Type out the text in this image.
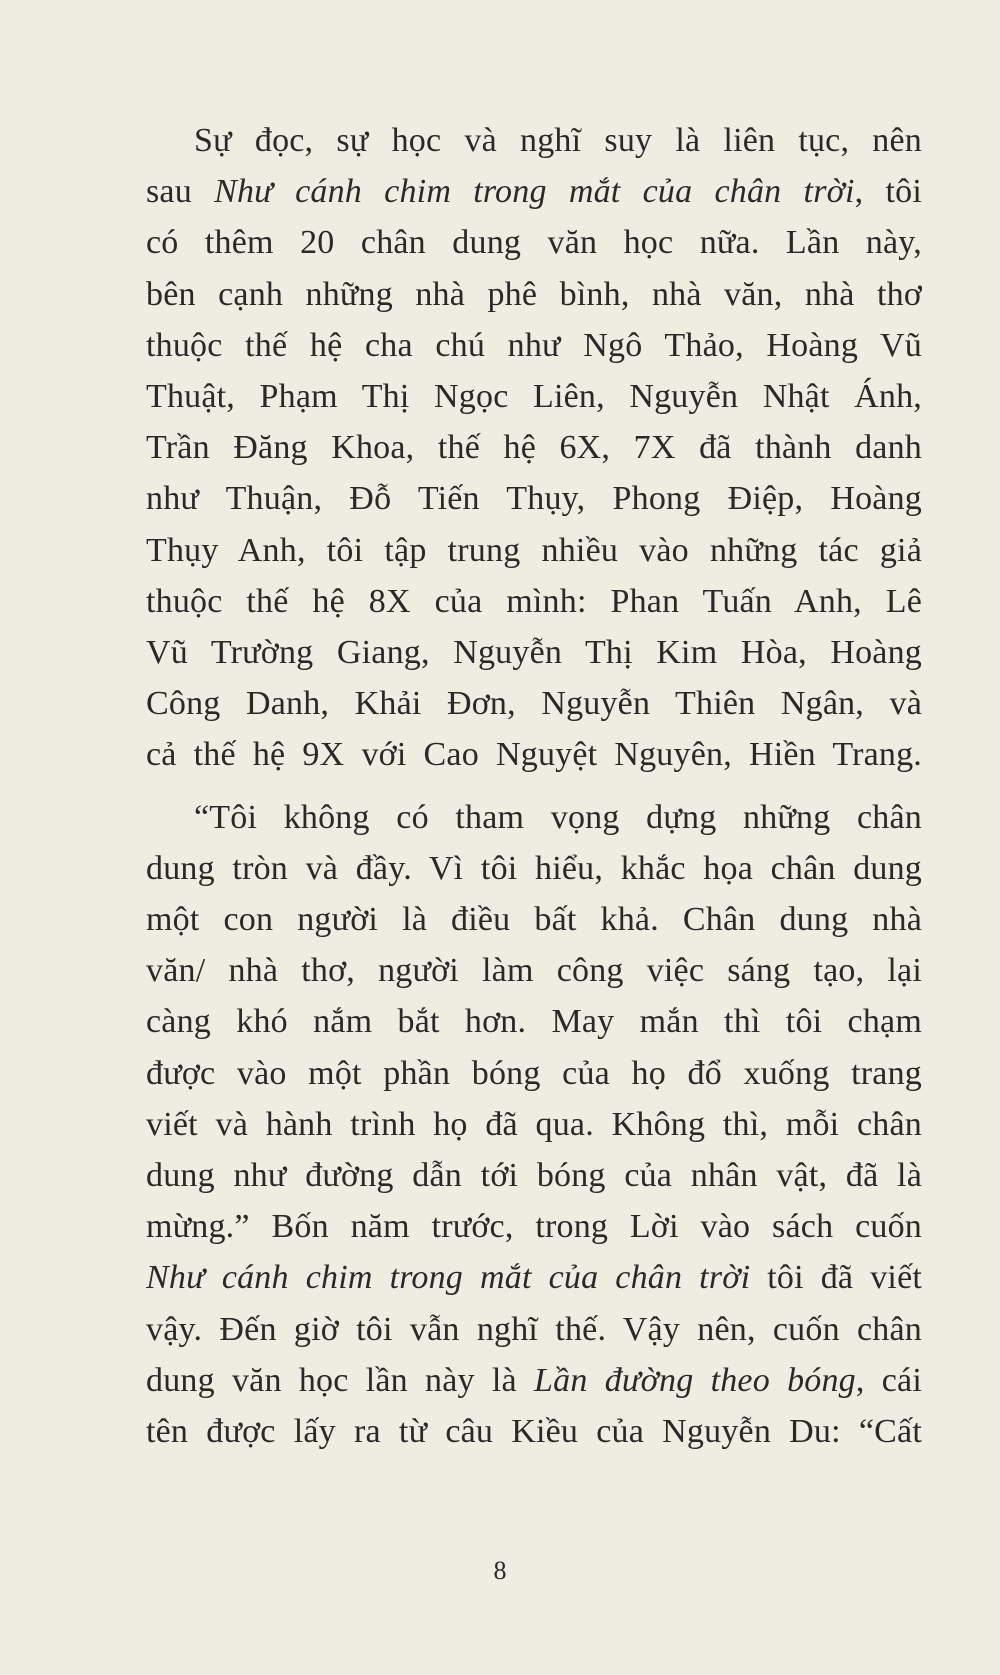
Sự đọc, sự học và nghĩ suy là liên tục, nên
sau Như cánh chim trong mắt của chân trời, tôi
có thêm 20 chân dung văn học nữa. Lần này,
bên cạnh những nhà phê bình, nhà văn, nhà thơ
thuộc thế hệ cha chú như Ngô Thảo, Hoàng Vũ
Thuật, Phạm Thị Ngọc Liên, Nguyễn Nhật Ánh,
Trần Đăng Khoa, thế hệ 6X, 7X đã thành danh
như Thuận, Đỗ Tiến Thụy, Phong Điệp, Hoàng
Thụy Anh, tôi tập trung nhiều vào những tác giả
thuộc thế hệ 8X của mình: Phan Tuấn Anh, Lê
Vũ Trường Giang, Nguyễn Thị Kim Hòa, Hoàng
Công Danh, Khải Đơn, Nguyễn Thiên Ngân, và
cả thế hệ 9X với Cao Nguyệt Nguyên, Hiền Trang.
“Tôi không có tham vọng dựng những chân
dung tròn và đầy. Vì tôi hiểu, khắc họa chân dung
một con người là điều bất khả. Chân dung nhà
văn/ nhà thơ, người làm công việc sáng tạo, lại
càng khó nắm bắt hơn. May mắn thì tôi chạm
được vào một phần bóng của họ đổ xuống trang
viết và hành trình họ đã qua. Không thì, mỗi chân
dung như đường dẫn tới bóng của nhân vật, đã là
mừng.” Bốn năm trước, trong Lời vào sách cuốn
Như cánh chim trong mắt của chân trời tôi đã viết
vậy. Đến giờ tôi vẫn nghĩ thế. Vậy nên, cuốn chân
dung văn học lần này là Lần đường theo bóng, cái
tên được lấy ra từ câu Kiều của Nguyễn Du: “Cất
8
